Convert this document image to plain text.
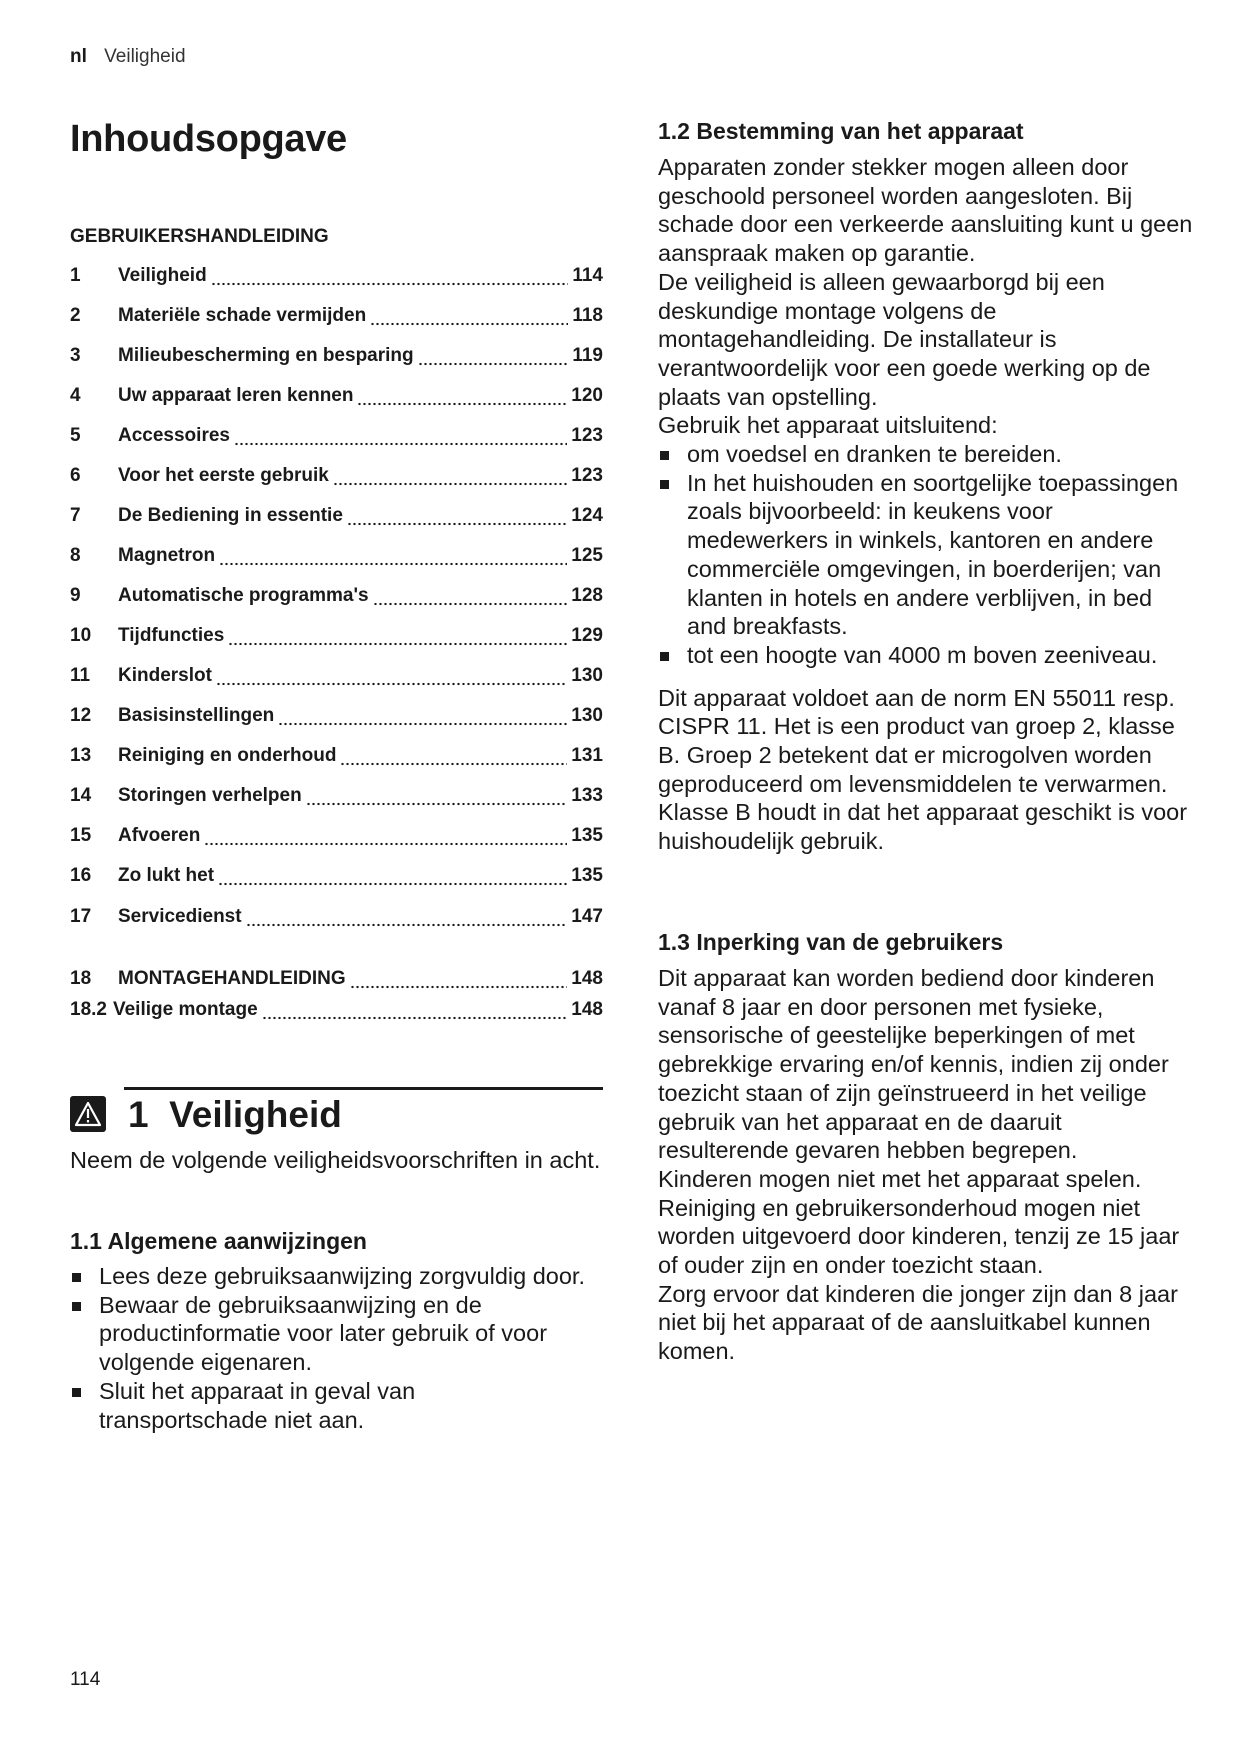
nl Veiligheid
Inhoudsopgave
GEBRUIKERSHANDLEIDING
1	Veiligheid	114
2	Materiële schade vermijden	118
3	Milieubescherming en besparing	119
4	Uw apparaat leren kennen	120
5	Accessoires	123
6	Voor het eerste gebruik	123
7	De Bediening in essentie	124
8	Magnetron	125
9	Automatische programma's	128
10	Tijdfuncties	129
11	Kinderslot	130
12	Basisinstellingen	130
13	Reiniging en onderhoud	131
14	Storingen verhelpen	133
15	Afvoeren	135
16	Zo lukt het	135
17	Servicedienst	147
18	MONTAGEHANDLEIDING	148
18.2 Veilige montage	148
1 Veiligheid
Neem de volgende veiligheidsvoorschriften in acht.
1.1 Algemene aanwijzingen
Lees deze gebruiksaanwijzing zorgvuldig door.
Bewaar de gebruiksaanwijzing en de productinformatie voor later gebruik of voor volgende eigenaren.
Sluit het apparaat in geval van transportschade niet aan.
1.2 Bestemming van het apparaat

Apparaten zonder stekker mogen alleen door geschoold personeel worden aangesloten. Bij schade door een verkeerde aansluiting kunt u geen aanspraak maken op garantie.

De veiligheid is alleen gewaarborgd bij een deskundige montage volgens de montagehandleiding. De installateur is verantwoordelijk voor een goede werking op de plaats van opstelling.

Gebruik het apparaat uitsluitend:

om voedsel en dranken te bereiden.
In het huishouden en soortgelijke toepassingen zoals bijvoorbeeld: in keukens voor medewerkers in winkels, kantoren en andere commerciële omgevingen, in boerderijen; van klanten in hotels en andere verblijven, in bed and breakfasts.
tot een hoogte van 4000 m boven zeeniveau.

Dit apparaat voldoet aan de norm EN 55011 resp. CISPR 11. Het is een product van groep 2, klasse B. Groep 2 betekent dat er microgolven worden geproduceerd om levensmiddelen te verwarmen. Klasse B houdt in dat het apparaat geschikt is voor huishoudelijk gebruik.

1.3 Inperking van de gebruikers

Dit apparaat kan worden bediend door kinderen vanaf 8 jaar en door personen met fysieke, sensorische of geestelijke beperkingen of met gebrekkige ervaring en/of kennis, indien zij onder toezicht staan of zijn geïnstrueerd in het veilige gebruik van het apparaat en de daaruit resulterende gevaren hebben begrepen.

Kinderen mogen niet met het apparaat spelen.

Reiniging en gebruikersonderhoud mogen niet worden uitgevoerd door kinderen, tenzij ze 15 jaar of ouder zijn en onder toezicht staan.

Zorg ervoor dat kinderen die jonger zijn dan 8 jaar niet bij het apparaat of de aansluitkabel kunnen komen.

114
